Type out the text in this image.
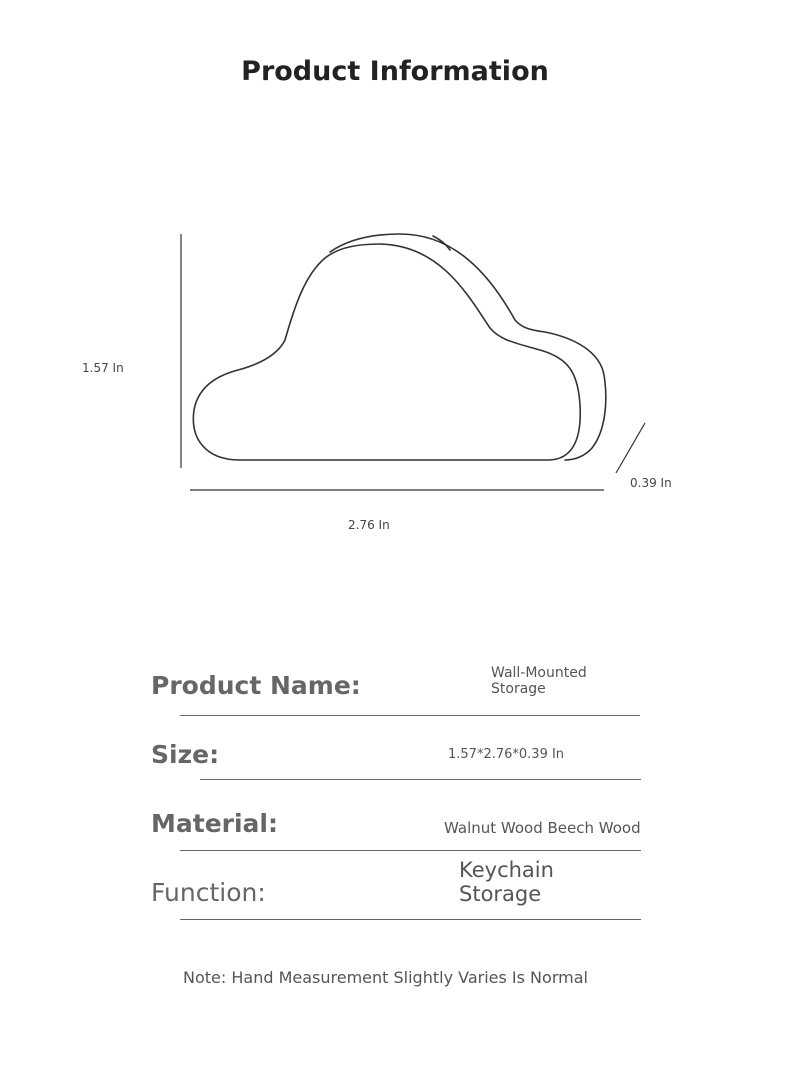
Product Information
1.57 In
2.76 In
0.39 In
Product Name:	Wall-Mounted Storage
Size:	1.57*2.76*0.39 In
Material:	Walnut Wood Beech Wood
Function:
Keychain Storage
Note: Hand Measurement Slightly Varies Is Normal
